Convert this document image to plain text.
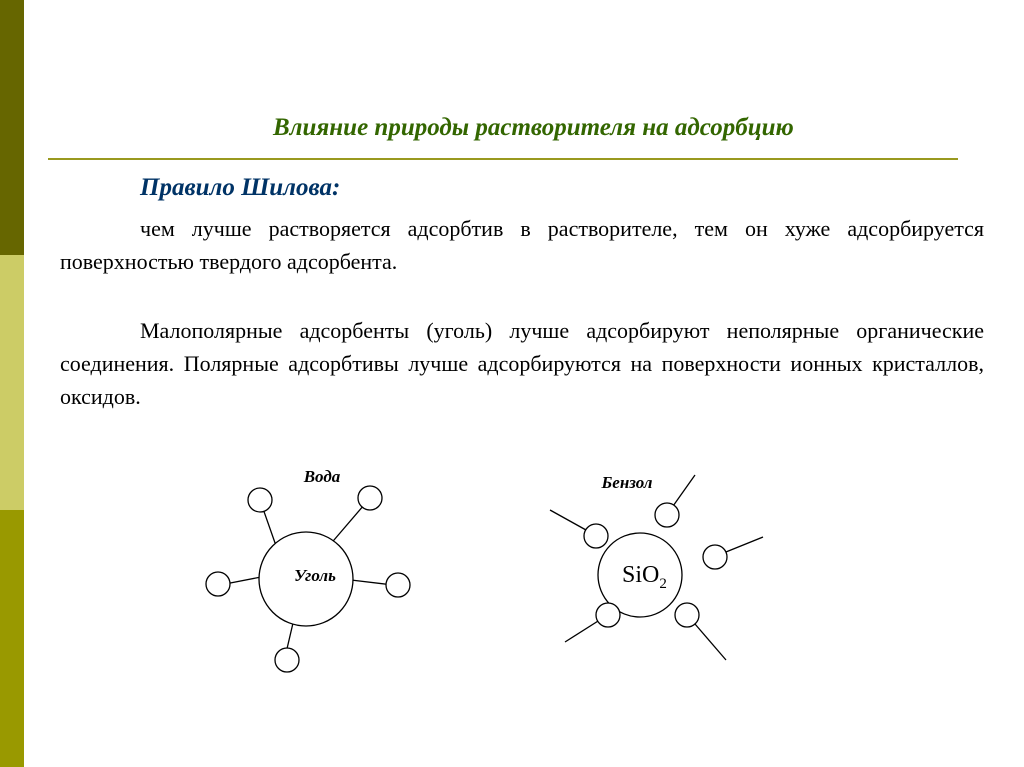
Влияние природы растворителя на адсорбцию
Правило Шилова:

чем лучше растворяется адсорбтив в растворителе, тем он хуже адсорбируется поверхностью твердого адсорбента.

Малополярные адсорбенты (уголь) лучше адсорбируют неполярные органические соединения. Полярные адсорбтивы лучше адсорбируются на поверхности ионных кристаллов, оксидов.

Вода
Уголь
Бензол
SiO$_2$
